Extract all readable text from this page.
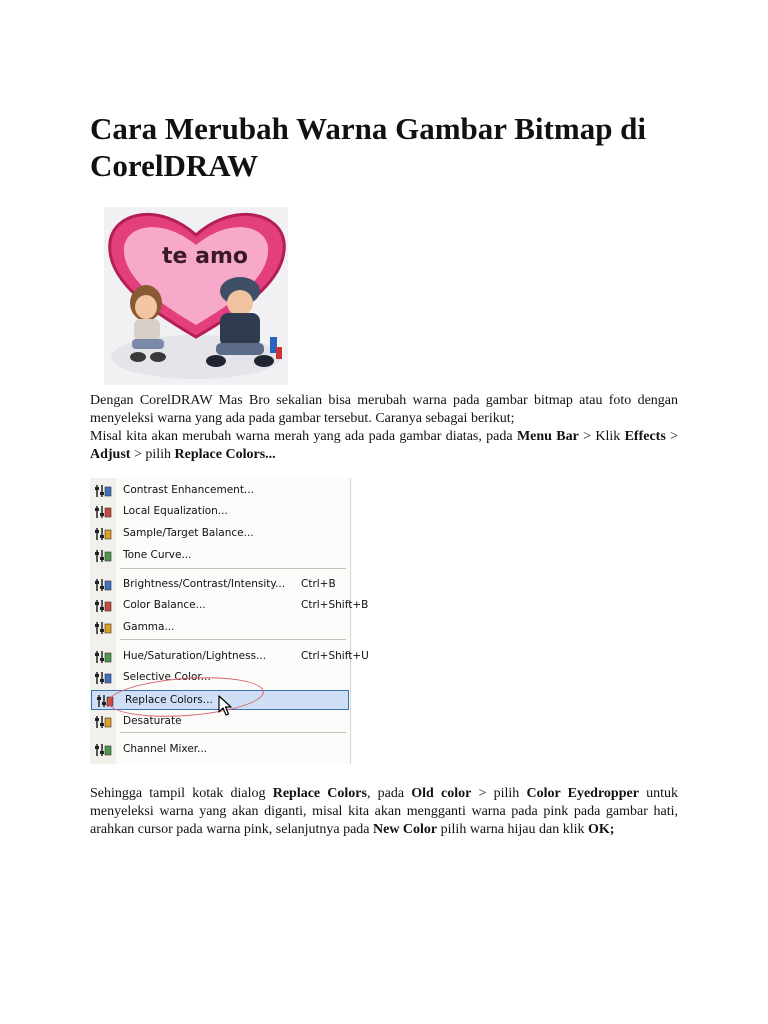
Cara Merubah Warna Gambar Bitmap di CorelDRAW
te amo

Dengan CorelDRAW Mas Bro sekalian bisa merubah warna pada gambar bitmap atau foto dengan menyeleksi warna yang ada pada gambar tersebut. Caranya sebagai berikut;

Misal kita akan merubah warna merah yang ada pada gambar diatas, pada Menu Bar > Klik Effects > Adjust > pilih Replace Colors...

Contrast Enhancement...
Local Equalization...
Sample/Target Balance...
Tone Curve...
Brightness/Contrast/Intensity... Ctrl+B
Color Balance...	Ctrl+Shift+B
Gamma...
Hue/Saturation/Lightness...	Ctrl+Shift+U
Selective Color...
Replace Colors...
Desaturate
Channel Mixer...

Sehingga tampil kotak dialog Replace Colors, pada Old color > pilih Color Eyedropper untuk menyeleksi warna yang akan diganti, misal kita akan mengganti warna pada pink pada gambar hati, arahkan cursor pada warna pink, selanjutnya pada New Color pilih warna hijau dan klik OK;
